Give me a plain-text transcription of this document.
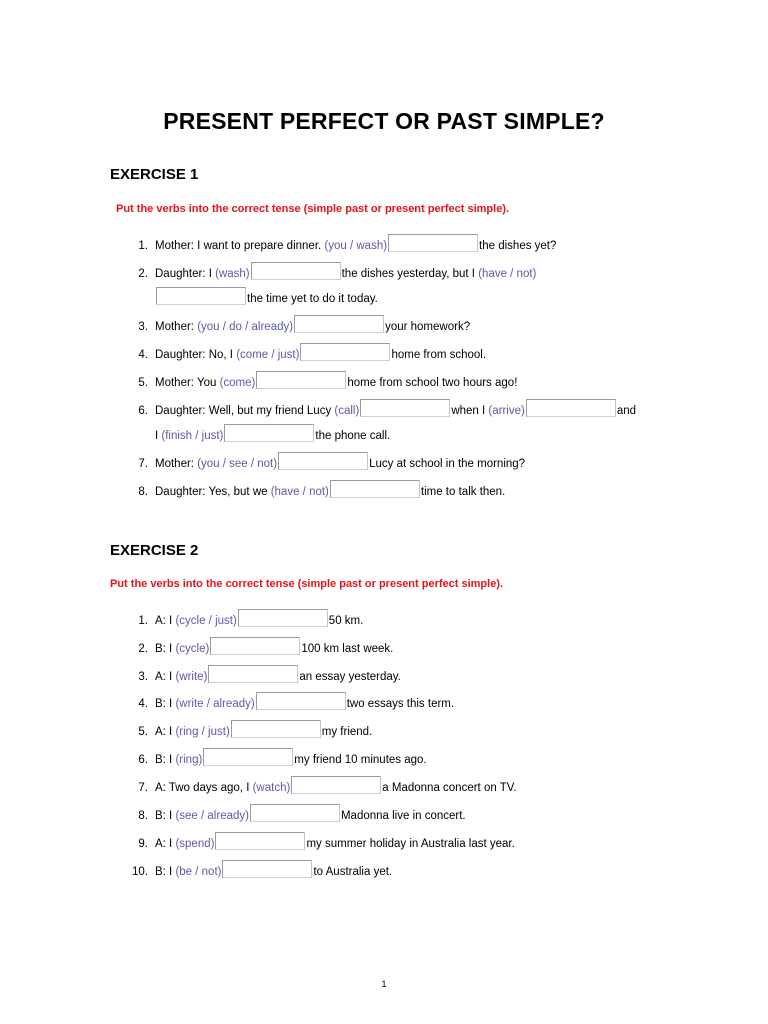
PRESENT PERFECT OR PAST SIMPLE?
EXERCISE 1

Put the verbs into the correct tense (simple past or present perfect simple).

1. Mother: I want to prepare dinner. (you / wash)	the dishes yet?
2. Daughter: I (wash)	the dishes yesterday, but I (have / not)
the time yet to do it today.
3. Mother: (you / do / already)	your homework?
4. Daughter: No, I (come / just)	home from school.
5. Mother: You (come)	home from school two hours ago!
6. Daughter: Well, but my friend Lucy (call)	when I (arrive)	and
I (finish / just)	the phone call.
7. Mother: (you / see / not)	Lucy at school in the morning?
8. Daughter: Yes, but we (have / not)	time to talk then.
EXERCISE 2

Put the verbs into the correct tense (simple past or present perfect simple).

1. A: I (cycle / just)	50 km.
2. B: I (cycle)	100 km last week.
3. A: I (write)	an essay yesterday.
4. B: I (write / already)	two essays this term.
5. A: I (ring / just)	my friend.
6. B: I (ring)	my friend 10 minutes ago.
7. A: Two days ago, I (watch)	a Madonna concert on TV.
8. B: I (see / already)	Madonna live in concert.
9. A: I (spend)	my summer holiday in Australia last year.
10. B: I (be / not)	to Australia yet.
1
